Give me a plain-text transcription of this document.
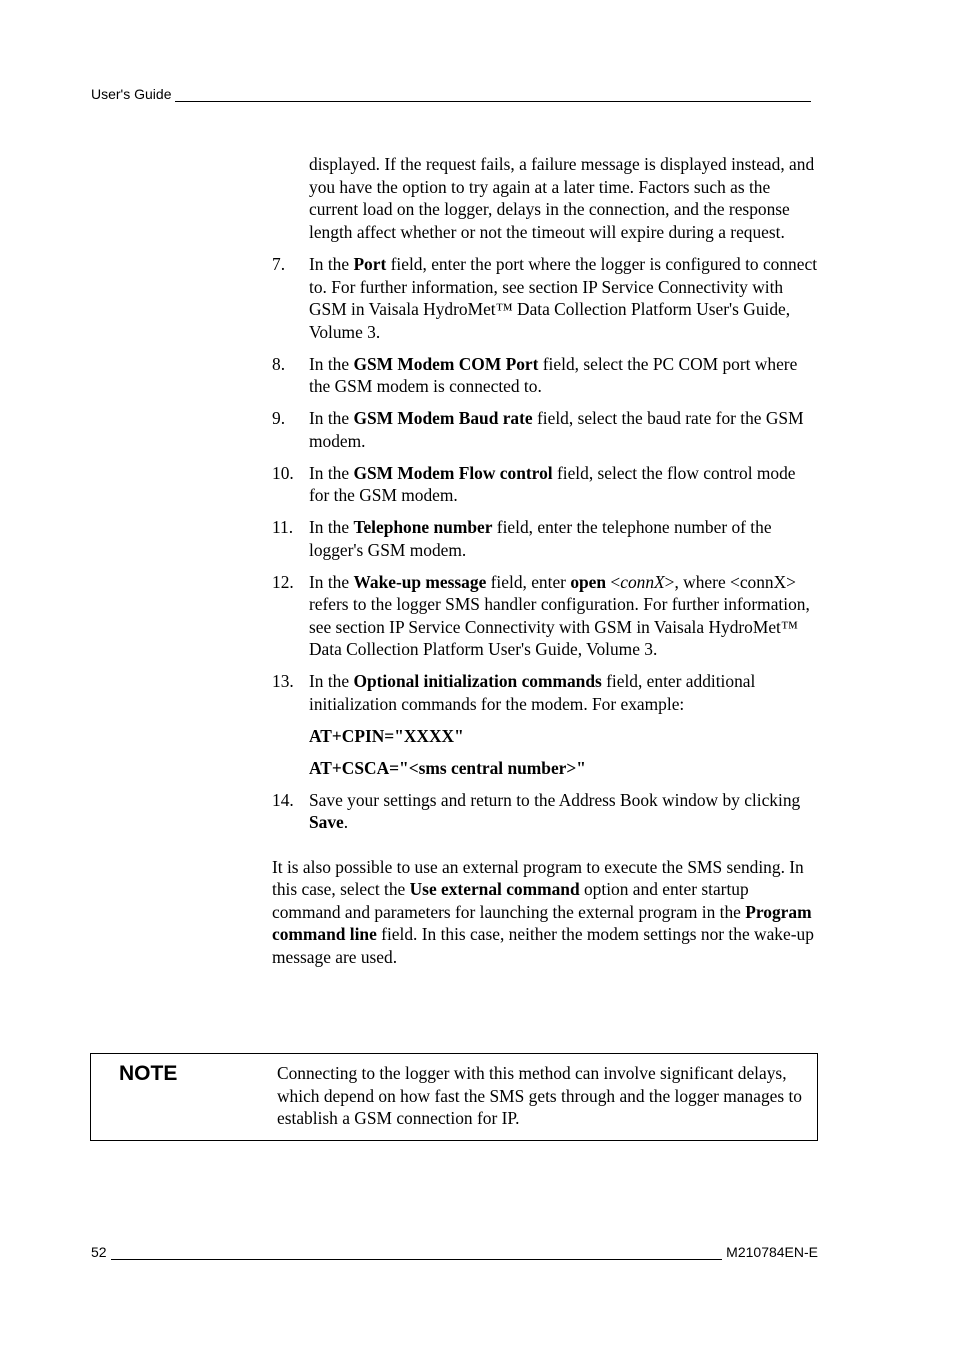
User's Guide
displayed. If the request fails, a failure message is displayed instead, and you have the option to try again at a later time. Factors such as the current load on the logger, delays in the connection, and the response length affect whether or not the timeout will expire during a request.
7.	In the Port field, enter the port where the logger is configured to connect to. For further information, see section IP Service Connectivity with GSM in Vaisala HydroMet™ Data Collection Platform User's Guide, Volume 3.
8.	In the GSM Modem COM Port field, select the PC COM port where the GSM modem is connected to.
9.	In the GSM Modem Baud rate field, select the baud rate for the GSM modem.
10. In the GSM Modem Flow control field, select the flow control mode for the GSM modem.
11. In the Telephone number field, enter the telephone number of the logger's GSM modem.
12. In the Wake-up message field, enter open <connX>, where <connX> refers to the logger SMS handler configuration. For further information, see section IP Service Connectivity with GSM in Vaisala HydroMet™ Data Collection Platform User's Guide, Volume 3.
13. In the Optional initialization commands field, enter additional initialization commands for the modem. For example:
AT+CPIN="XXXX"
AT+CSCA="<sms central number>"
14. Save your settings and return to the Address Book window by clicking Save.
It is also possible to use an external program to execute the SMS sending. In this case, select the Use external command option and enter startup command and parameters for launching the external program in the Program command line field. In this case, neither the modem settings nor the wake-up message are used.
NOTE	Connecting to the logger with this method can involve significant delays, which depend on how fast the SMS gets through and the logger manages to establish a GSM connection for IP.
52	M210784EN-E
